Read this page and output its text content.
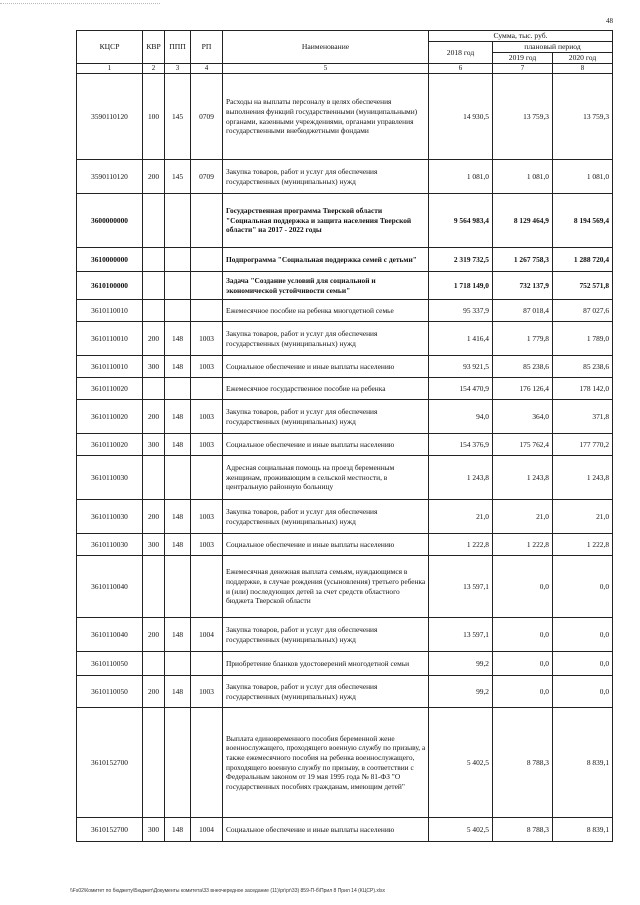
48
КЦСР	КВР	ППП	РП	Наименование	Сумма, тыс. руб.		
					2018 год	плановый период	
						2019 год	2020 год
1	2	3	4	5	6	7	8
3590110120	100	145	0709	Расходы на выплаты персоналу в целях обеспечения выполнения функций государственными (муниципальными) органами, казенными учреждениями, органами управления государственными внебюджетными фондами	14 930,5	13 759,3	13 759,3
3590110120	200	145	0709	Закупка товаров, работ и услуг для обеспечения государственных (муниципальных) нужд	1 081,0	1 081,0	1 081,0
3600000000				Государственная программа Тверской области "Социальная поддержка и защита населения Тверской области" на 2017 - 2022 годы	9 564 983,4	8 129 464,9	8 194 569,4
3610000000				Подпрограмма "Социальная поддержка семей с детьми"	2 319 732,5	1 267 758,3	1 288 720,4
3610100000				Задача "Создание условий для социальной и экономической устойчивости семьи"	1 718 149,0	732 137,9	752 571,8
3610110010				Ежемесячное пособие на ребенка многодетной семье	95 337,9	87 018,4	87 027,6
3610110010	200	148	1003	Закупка товаров, работ и услуг для обеспечения государственных (муниципальных) нужд	1 416,4	1 779,8	1 789,0
3610110010	300	148	1003	Социальное обеспечение и иные выплаты населению	93 921,5	85 238,6	85 238,6
3610110020				Ежемесячное государственное пособие на ребенка	154 470,9	176 126,4	178 142,0
3610110020	200	148	1003	Закупка товаров, работ и услуг для обеспечения государственных (муниципальных) нужд	94,0	364,0	371,8
3610110020	300	148	1003	Социальное обеспечение и иные выплаты населению	154 376,9	175 762,4	177 770,2
3610110030				Адресная социальная помощь на проезд беременным женщинам, проживающим в сельской местности, в центральную районную больницу	1 243,8	1 243,8	1 243,8
3610110030	200	148	1003	Закупка товаров, работ и услуг для обеспечения государственных (муниципальных) нужд	21,0	21,0	21,0
3610110030	300	148	1003	Социальное обеспечение и иные выплаты населению	1 222,8	1 222,8	1 222,8
3610110040				Ежемесячная денежная выплата семьям, нуждающимся в поддержке, в случае рождения (усыновления) третьего ребенка и (или) последующих детей за счет средств областного бюджета Тверской области	13 597,1	0,0	0,0
3610110040	200	148	1004	Закупка товаров, работ и услуг для обеспечения государственных (муниципальных) нужд	13 597,1	0,0	0,0
3610110050				Приобретение бланков удостоверений многодетной семьи	99,2	0,0	0,0
3610110050	200	148	1003	Закупка товаров, работ и услуг для обеспечения государственных (муниципальных) нужд	99,2	0,0	0,0
3610152700				Выплата единовременного пособия беременной жене военнослужащего, проходящего военную службу по призыву, а также ежемесячного пособия на ребенка военнослужащего, проходящего военную службу по призыву, в соответствии с Федеральным законом от 19 мая 1995 года № 81-ФЗ "О государственных пособиях гражданам, имеющим детей"	5 402,5	8 788,3	8 839,1
3610152700	300	148	1004	Социальное обеспечение и иные выплаты населению	5 402,5	8 788,3	8 839,1
\\Fs02\Комитет по бюджету\Бюджет\Документы комитета\33 внеочередное заседание (11)\pr\pr\33) 859-П-б\Прил 8 Прил 14 (КЦСР).xlsx
